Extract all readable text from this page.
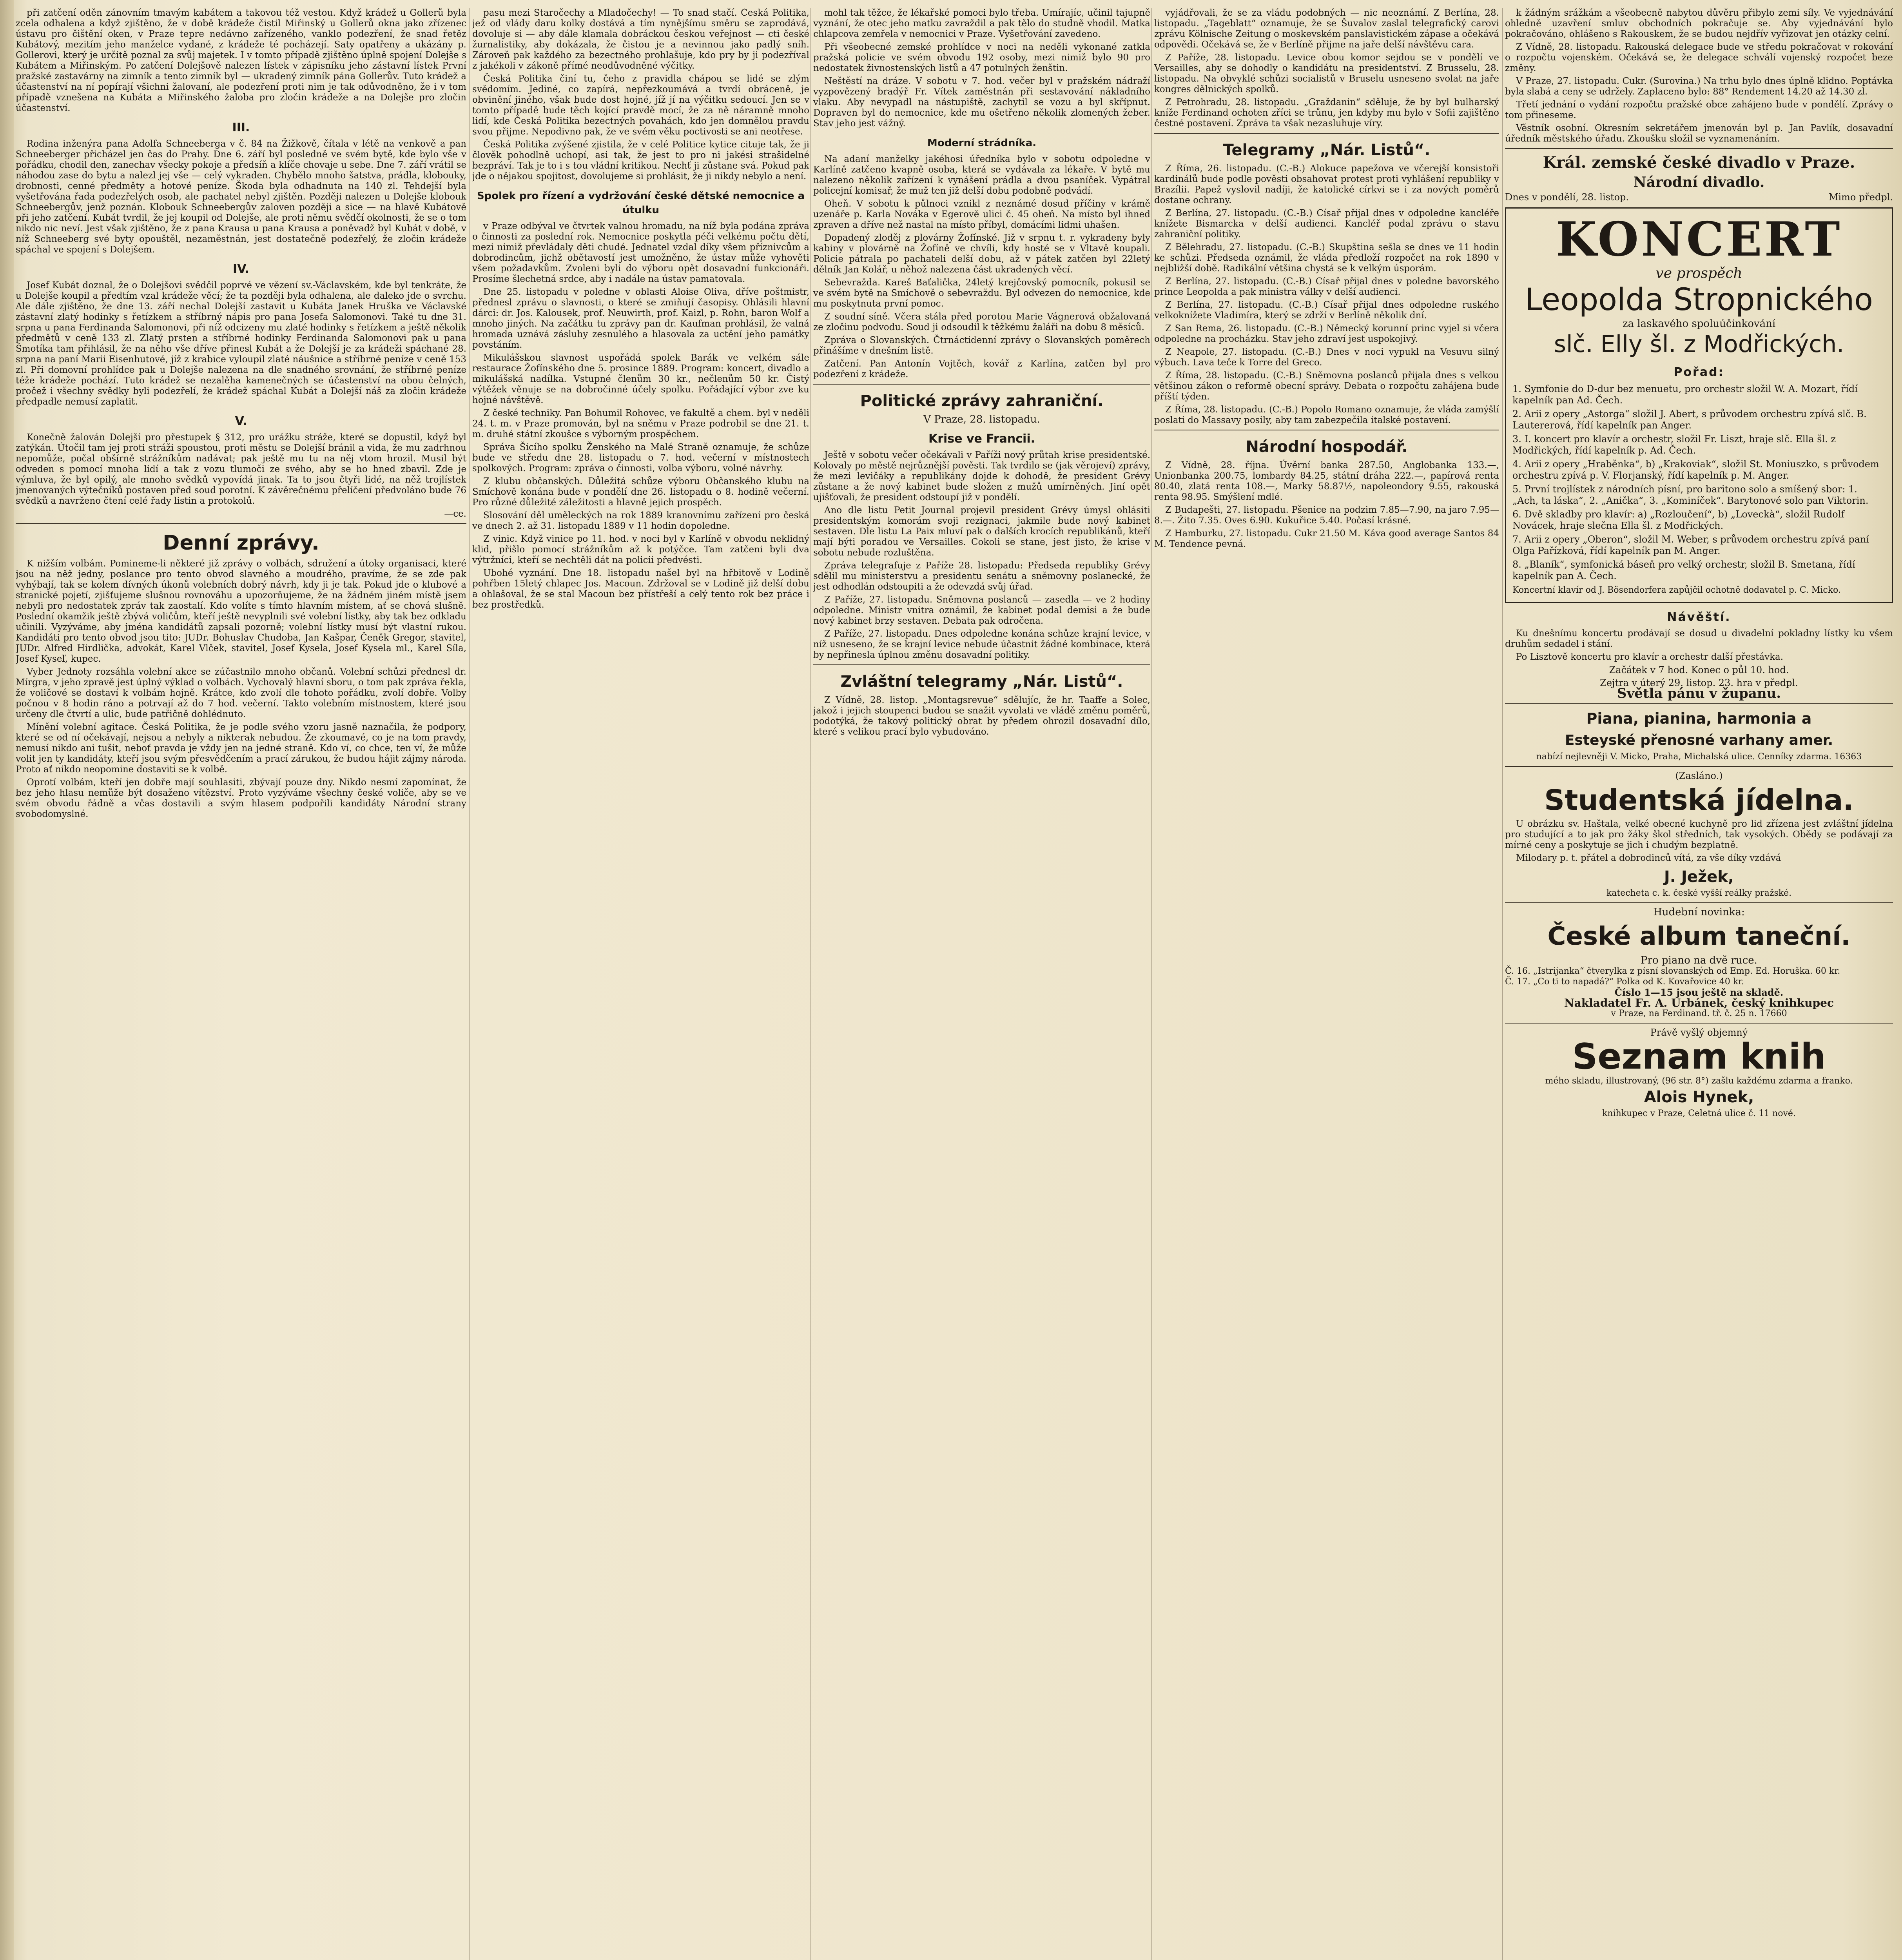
při zatčení oděn zánovním tmavým kabátem a takovou též vestou. Když krádež u Gollerů byla zcela odhalena a když zjištěno, že v době krádeže čistil Miřinský u Gollerů okna jako zřízenec ústavu pro čištění oken, v Praze tepre nedávno zařízeného, vanklo podezření, že snad řetěz Kubátový, mezitím jeho manželce vydané, z krádeže té pocházejí. Saty opatřeny a ukázány p. Gollerovi, který je určitě poznal za svůj majetek. I v tomto případě zjištěno úplně spojení Dolejše s Kubátem a Miřinským. Po zatčení Dolejšově nalezen lístek v zápisníku jeho zástavní lístek První pražské zastavárny na zimník a tento zimník byl — ukradený zimník pána Gollerův. Tuto krádež a účastenství na ní popírají všichni žalovaní, ale podezření proti nim je tak odůvodněno, že i v tom případě vznešena na Kubáta a Miřinského žaloba pro zločin krádeže a na Dolejše pro zločin účastenství.

III.

Rodina inženýra pana Adolfa Schneeberga v č. 84 na Žižkově, čítala v létě na venkově a pan Schneeberger přicházel jen čas do Prahy. Dne 6. září byl posledně ve svém bytě, kde bylo vše v pořádku, chodil den, zanechav všecky pokoje a předsíň a klíče chovaje u sebe. Dne 7. září vrátil se náhodou zase do bytu a nalezl jej vše — celý vykraden. Chybělo mnoho šatstva, prádla, klobouky, drobnosti, cenné předměty a hotové peníze. Škoda byla odhadnuta na 140 zl. Tehdejší byla vyšetřována řada podezřelých osob, ale pachatel nebyl zjištěn. Později nalezen u Dolejše klobouk Schneebergův, jenž poznán. Klobouk Schneebergův zaloven později a sice — na hlavě Kubátově při jeho zatčení. Kubát tvrdil, že jej koupil od Dolejše, ale proti němu svědčí okolnosti, že se o tom nikdo nic neví. Jest však zjištěno, že z pana Krausa u pana Krausa a poněvadž byl Kubát v době, v níž Schneeberg své byty opouštěl, nezaměstnán, jest dostatečně podezřelý, že zločin krádeže spáchal ve spojení s Dolejšem.

IV.

Josef Kubát doznal, že o Dolejšovi svědčil poprvé ve vězení sv.-Václavském, kde byl tenkráte, že u Dolejše koupil a předtím vzal krádeže věcí; že ta později byla odhalena, ale daleko jde o svrchu. Ale dále zjištěno, že dne 13. září nechal Dolejší zastavit u Kubáta Janek Hruška ve Václavské zástavní zlatý hodinky s řetízkem a stříbrný nápis pro pana Josefa Salomonovi. Také tu dne 31. srpna u pana Ferdinanda Salomonovi, při níž odcizeny mu zlaté hodinky s řetízkem a ještě několik předmětů v ceně 133 zl. Zlatý prsten a stříbrné hodinky Ferdinanda Salomonovi pak u pana Šmotíka tam přihlásil, že na něho vše dříve přinesl Kubát a že Dolejší je za krádeži spáchané 28. srpna na paní Marii Eisenhutové, jíž z krabice vyloupil zlaté náušnice a stříbrné peníze v ceně 153 zl. Při domovní prohlídce pak u Dolejše nalezena na dle snadného srovnání, že stříbrné peníze téže krádeže pochází. Tuto krádež se nezalěha kamenečných se účastenství na obou čelných, pročež i všechny svědky byli podezřelí, že krádež spáchal Kubát a Dolejší náš za zločin krádeže předpadle nemusí zaplatit.

V.

Konečně žalován Dolejší pro přestupek § 312, pro urážku stráže, které se dopustil, když byl zatýkán. Útočil tam jej proti stráži spoustou, proti městu se Dolejší bránil a vida, že mu zadrhnou nepomůže, počal obšírně strážníkům nadávat; pak ještě mu tu na něj vtom hrozil. Musil být odveden s pomocí mnoha lidí a tak z vozu tlumoči ze svého, aby se ho hned zbavil. Zde je výmluva, že byl opilý, ale mnoho svědků vypovídá jinak. Ta to jsou čtyři lidé, na něž trojlístek jmenovaných výtečníků postaven před soud porotní. K závěrečnému přelíčení předvoláno bude 76 svědků a navrženo čtení celé řady listin a protokolů.

—ce.
Denní zprávy.

K nižším volbám. Pomineme-li některé již zprávy o volbách, sdružení a útoky organisaci, které jsou na něž jedny, poslance pro tento obvod slavného a moudrého, pravíme, že se zde pak vyhýbají, tak se kolem dívných úkonů volebních dobrý návrh, kdy ji je tak. Pokud jde o klubové a stranické pojetí, zjišťujeme slušnou rovnováhu a upozorňujeme, že na žádném jiném místě jsem nebyli pro nedostatek zpráv tak zaostalí. Kdo volíte s tímto hlavním místem, ať se chová slušně. Poslední okamžik ještě zbývá voličům, kteří ještě nevyplnili své volební lístky, aby tak bez odkladu učinili. Vyzýváme, aby jména kandidátů zapsali pozorně; volební lístky musí být vlastní rukou. Kandidáti pro tento obvod jsou tito: JUDr. Bohuslav Chudoba, Jan Kašpar, Čeněk Gregor, stavitel, JUDr. Alfred Hirdlička, advokát, Karel Vlček, stavitel, Josef Kysela, Josef Kysela ml., Karel Síla, Josef Kyseľ, kupec.

Vyber Jednoty rozsáhla volební akce se zúčastnilo mnoho občanů. Volební schůzi přednesl dr. Mírgra, v jeho zpravě jest úplný výklad o volbách. Vychovalý hlavní sboru, o tom pak zpráva řekla, že voličové se dostaví k volbám hojně. Krátce, kdo zvolí dle tohoto pořádku, zvolí dobře. Volby počnou v 8 hodin ráno a potrvají až do 7 hod. večerní. Takto volebním místnostem, které jsou určeny dle čtvrtí a ulic, bude patřičně dohlédnuto.

Mínění volební agitace. Česká Politika, že je podle svého vzoru jasně naznačila, že podpory, které se od ní očekávají, nejsou a nebyly a nikterak nebudou. Že zkoumavé, co je na tom pravdy, nemusí nikdo ani tušit, neboť pravda je vždy jen na jedné straně. Kdo ví, co chce, ten ví, že může volit jen ty kandidáty, kteří jsou svým přesvědčením a prací zárukou, že budou hájit zájmy národa. Proto ať nikdo neopomine dostaviti se k volbě.

Oprotí volbám, kteří jen dobře mají souhlasiti, zbývají pouze dny. Nikdo nesmí zapomínat, že bez jeho hlasu nemůže být dosaženo vítězství. Proto vyzýváme všechny české voliče, aby se ve svém obvodu řádně a včas dostavili a svým hlasem podpořili kandidáty Národní strany svobodomyslné.

pasu mezi Staročechy a Mladočechy! — To snad stačí. Česká Politika, jež od vlády daru kolky dostává a tím nynějšímu směru se zaprodává, dovoluje si — aby dále klamala dobráckou českou veřejnost — cti české žurnalistiky, aby dokázala, že čistou je a nevinnou jako padlý sníh. Zároveň pak každého za bezectného prohlašuje, kdo pry by ji podezříval z jakékoli v zákoně přímé neodůvodněné výčitky.

Česká Politika činí tu, čeho z pravidla chápou se lidé se zlým svědomím. Jediné, co zapírá, nepřezkoumává a tvrdí obráceně, je obvinění jiného, však bude dost hojné, jíž jí na výčitku sedoucí. Jen se v tomto případě bude těch kojící pravdě mocí, že za ně náramně mnoho lidí, kde Česká Politika bezectných povahách, kdo jen domnělou pravdu svou přijme. Nepodivno pak, že ve svém věku poctivosti se ani neotřese.

Česká Politika zvýšené zjistila, že v celé Politice kytice cituje tak, že ji člověk pohodlně uchopí, asi tak, že jest to pro ni jakési strašidelné bezpráví. Tak je to i s tou vládní kritikou. Nechť ji zůstane svá. Pokud pak jde o nějakou spojitost, dovolujeme si prohlásit, že ji nikdy nebylo a není.

Spolek pro řízení a vydržování české dětské nemocnice a útulku

v Praze odbýval ve čtvrtek valnou hromadu, na níž byla podána zpráva o činnosti za poslední rok. Nemocnice poskytla péči velkému počtu dětí, mezi nimiž převládaly děti chudé. Jednatel vzdal díky všem příznivcům a dobrodincům, jichž obětavostí jest umožněno, že ústav může vyhověti všem požadavkům. Zvoleni byli do výboru opět dosavadní funkcionáři. Prosíme šlechetná srdce, aby i nadále na ústav pamatovala.

Dne 25. listopadu v poledne v oblasti Aloise Oliva, dříve poštmistr, přednesl zprávu o slavnosti, o které se zmiňují časopisy. Ohlásili hlavní dárci: dr. Jos. Kalousek, prof. Neuwirth, prof. Kaizl, p. Rohn, baron Wolf a mnoho jiných. Na začátku tu zprávy pan dr. Kaufman prohlásil, že valná hromada uznává zásluhy zesnulého a hlasovala za uctění jeho památky povstáním.

Mikulášskou slavnost uspořádá spolek Barák ve velkém sále restaurace Žofínského dne 5. prosince 1889. Program: koncert, divadlo a mikulášská nadílka. Vstupné členům 30 kr., nečlenům 50 kr. Čistý výtěžek věnuje se na dobročinné účely spolku. Pořádající výbor zve ku hojné návštěvě.

Z české techniky. Pan Bohumil Rohovec, ve fakultě a chem. byl v neděli 24. t. m. v Praze promován, byl na sněmu v Praze podrobil se dne 21. t. m. druhé státní zkoušce s výborným prospěchem.

Správa Šicího spolku Ženského na Malé Straně oznamuje, že schůze bude ve středu dne 28. listopadu o 7. hod. večerní v místnostech spolkových. Program: zpráva o činnosti, volba výboru, volné návrhy.

Z klubu občanských. Důležitá schůze výboru Občanského klubu na Smíchově konána bude v pondělí dne 26. listopadu o 8. hodině večerní. Pro různé důležité záležitosti a hlavně jejich prospěch.

Slosování děl uměleckých na rok 1889 kranovnímu zařízení pro česká ve dnech 2. až 31. listopadu 1889 v 11 hodin dopoledne.

Z vinic. Když vinice po 11. hod. v noci byl v Karlíně v obvodu neklidný klid, přišlo pomocí strážníkům až k potýčce. Tam zatčeni byli dva výtržníci, kteří se nechtěli dát na policii předvésti.

Ubohé vyznání. Dne 18. listopadu našel byl na hřbitově v Lodině pohřben 15letý chlapec Jos. Macoun. Zdržoval se v Lodině již delší dobu a ohlašoval, že se stal Macoun bez přístřeší a celý tento rok bez práce i bez prostředků.

mohl tak těžce, že lékařské pomoci bylo třeba. Umírajíc, učinil tajupně vyznání, že otec jeho matku zavraždil a pak tělo do studně vhodil. Matka chlapcova zemřela v nemocnici v Praze. Vyšetřování zavedeno.

Při všeobecné zemské prohlídce v noci na neděli vykonané zatkla pražská policie ve svém obvodu 192 osoby, mezi nimiž bylo 90 pro nedostatek živnostenských listů a 47 potulných ženštin.

Neštěstí na dráze. V sobotu v 7. hod. večer byl v pražském nádraží vyzpovězený bradýř Fr. Vítek zaměstnán při sestavování nákladního vlaku. Aby nevypadl na nástupiště, zachytil se vozu a byl skřípnut. Dopraven byl do nemocnice, kde mu ošetřeno několik zlomených žeber. Stav jeho jest vážný.

Moderní strádníka.

Na adaní manželky jakéhosi úředníka bylo v sobotu odpoledne v Karlíně zatčeno kvapně osoba, která se vydávala za lékaře. V bytě mu nalezeno několik zařízení k vynášení prádla a dvou psaníček. Vypátral policejní komisař, že muž ten již delší dobu podobně podvádí.

Oheň. V sobotu k půlnoci vznikl z neznámé dosud příčiny v krámě uzenáře p. Karla Nováka v Egerově ulici č. 45 oheň. Na místo byl ihned zpraven a dříve než nastal na místo příbyl, domácími lidmi uhašen.

Dopadený zloděj z plovárny Žofínské. Již v srpnu t. r. vykradeny byly kabiny v plovárně na Žofíně ve chvíli, kdy hosté se v Vltavě koupali. Policie pátrala po pachateli delší dobu, až v pátek zatčen byl 22letý dělník Jan Kolář, u něhož nalezena část ukradených věcí.

Sebevražda. Kareš Baťalička, 24letý krejčovský pomocník, pokusil se ve svém bytě na Smíchově o sebevraždu. Byl odvezen do nemocnice, kde mu poskytnuta první pomoc.

Z soudní síně. Včera stála před porotou Marie Vágnerová obžalovaná ze zločinu podvodu. Soud ji odsoudil k těžkému žaláři na dobu 8 měsíců.

Zpráva o Slovanských. Čtrnáctidenní zprávy o Slovanských poměrech přinášíme v dnešním listě.

Zatčení. Pan Antonín Vojtěch, kovář z Karlína, zatčen byl pro podezření z krádeže.

Politické zprávy zahraniční.
V Praze, 28. listopadu.
Krise ve Francii.

Ještě v sobotu večer očekávali v Paříži nový průtah krise presidentské. Kolovaly po městě nejrůznější pověsti. Tak tvrdilo se (jak věrojeví) zprávy, že mezi levičáky a republikány dojde k dohodě, že president Grévy zůstane a že nový kabinet bude složen z mužů umírněných. Jiní opět ujišťovali, že president odstoupí již v pondělí.

Ano dle listu Petit Journal projevil president Grévy úmysl ohlásiti presidentským komorám svoji rezignaci, jakmile bude nový kabinet sestaven. Dle listu La Paix mluví pak o dalších krocích republikánů, kteří mají býti poradou ve Versailles. Cokoli se stane, jest jisto, že krise v sobotu nebude rozluštěna.

Zpráva telegrafuje z Paříže 28. listopadu: Předseda republiky Grévy sdělil mu ministerstvu a presidentu senátu a sněmovny poslanecké, že jest odhodlán odstoupiti a že odevzdá svůj úřad.

Z Paříže, 27. listopadu. Sněmovna poslanců — zasedla — ve 2 hodiny odpoledne. Ministr vnitra oznámil, že kabinet podal demisi a že bude nový kabinet brzy sestaven. Debata pak odročena.

Z Paříže, 27. listopadu. Dnes odpoledne konána schůze krajní levice, v níž usneseno, že se krajní levice nebude účastnit žádné kombinace, která by nepřinesla úplnou změnu dosavadní politiky.

Zvláštní telegramy „Nár. Listů“.

Z Vídně, 28. listop. „Montagsrevue“ sdělujíc, že hr. Taaffe a Solec, jakož i jejich stoupenci budou se snažit vyvolati ve vládě změnu poměrů, podotýká, že takový politický obrat by předem ohrozil dosavadní dílo, které s velikou prací bylo vybudováno.

vyjádřovali, že se za vládu podobných — nic neoznámí. Z Berlína, 28. listopadu. „Tageblatt“ oznamuje, že se Šuvalov zaslal telegrafický carovi zprávu Kölnische Zeitung o moskevském panslavistickém zápase a očekává odpovědi. Očekává se, že v Berlíně přijme na jaře delší návštěvu cara.

Z Paříže, 28. listopadu. Levice obou komor sejdou se v pondělí ve Versailles, aby se dohodly o kandidátu na presidentství. Z Brusselu, 28. listopadu. Na obvyklé schůzi socialistů v Bruselu usneseno svolat na jaře kongres dělnických spolků.

Z Petrohradu, 28. listopadu. „Graždanin“ sděluje, že by byl bulharský kníže Ferdinand ochoten zříci se trůnu, jen kdyby mu bylo v Sofii zajištěno čestné postavení. Zpráva ta však nezasluhuje víry.

Telegramy „Nár. Listů“.

Z Říma, 26. listopadu. (C.-B.) Alokuce papežova ve včerejší konsistoři kardinálů bude podle pověsti obsahovat protest proti vyhlášení republiky v Brazílii. Papež vyslovil nadíji, že katolické církvi se i za nových poměrů dostane ochrany.

Z Berlína, 27. listopadu. (C.-B.) Císař přijal dnes v odpoledne kancléře knížete Bismarcka v delší audienci. Kancléř podal zprávu o stavu zahraniční politiky.

Z Bělehradu, 27. listopadu. (C.-B.) Skupština sešla se dnes ve 11 hodin ke schůzi. Předseda oznámil, že vláda předloží rozpočet na rok 1890 v nejbližší době. Radikální většina chystá se k velkým úsporám.

Z Berlína, 27. listopadu. (C.-B.) Císař přijal dnes v poledne bavorského prince Leopolda a pak ministra války v delší audienci.

Z Berlína, 27. listopadu. (C.-B.) Císař přijal dnes odpoledne ruského velkoknížete Vladimíra, který se zdrží v Berlíně několik dní.

Z San Rema, 26. listopadu. (C.-B.) Německý korunní princ vyjel si včera odpoledne na procházku. Stav jeho zdraví jest uspokojivý.

Z Neapole, 27. listopadu. (C.-B.) Dnes v noci vypukl na Vesuvu silný výbuch. Lava teče k Torre del Greco.

Z Říma, 28. listopadu. (C.-B.) Sněmovna poslanců přijala dnes s velkou většinou zákon o reformě obecní správy. Debata o rozpočtu zahájena bude příští týden.

Z Říma, 28. listopadu. (C.-B.) Popolo Romano oznamuje, že vláda zamýšlí poslati do Massavy posily, aby tam zabezpečila italské postavení.

Národní hospodář.

Z Vídně, 28. října. Úvěrní banka 287.50, Anglobanka 133.—, Unionbanka 200.75, lombardy 84.25, státní dráha 222.—, papírová renta 80.40, zlatá renta 108.—, Marky 58.87½, napoleondory 9.55, rakouská renta 98.95. Smýšlení mdlé.

Z Budapešti, 27. listopadu. Pšenice na podzim 7.85—7.90, na jaro 7.95—8.—. Žito 7.35. Oves 6.90. Kukuřice 5.40. Počasí krásné.

Z Hamburku, 27. listopadu. Cukr 21.50 M. Káva good average Santos 84 M. Tendence pevná.

k žádným srážkám a všeobecně nabytou důvěru přibylo zemi síly. Ve vyjednávání ohledně uzavření smluv obchodních pokračuje se. Aby vyjednávání bylo pokračováno, ohlášeno s Rakouskem, že se budou nejdřív vyřizovat jen otázky celní.

Z Vídně, 28. listopadu. Rakouská delegace bude ve středu pokračovat v rokování o rozpočtu vojenském. Očekává se, že delegace schválí vojenský rozpočet beze změny.

V Praze, 27. listopadu. Cukr. (Surovina.) Na trhu bylo dnes úplně klidno. Poptávka byla slabá a ceny se udržely. Zaplaceno bylo: 88° Rendement 14.20 až 14.30 zl.

Třetí jednání o vydání rozpočtu pražské obce zahájeno bude v pondělí. Zprávy o tom přineseme.

Věstník osobní. Okresním sekretářem jmenován byl p. Jan Pavlík, dosavadní úředník městského úřadu. Zkoušku složil se vyznamenáním.

Král. zemské české divadlo v Praze.
Národní divadlo.
Dnes v pondělí, 28. listop.	Mimo předpl.
KONCERT
ve prospěch
Leopolda Stropnického
za laskavého spoluúčinkování
slč. Elly šl. z Modřických.
Pořad:
1. Symfonie do D-dur bez menuetu, pro orchestr složil W. A. Mozart, řídí kapelník pan Ad. Čech.
2. Arii z opery „Astorga“ složil J. Abert, s průvodem orchestru zpívá slč. B. Lautererová, řídí kapelník pan Anger.
3. I. koncert pro klavír a orchestr, složil Fr. Liszt, hraje slč. Ella šl. z Modřických, řídí kapelník p. Ad. Čech.
4. Arii z opery „Hraběnka“, b) „Krakoviak“, složil St. Moniuszko, s průvodem orchestru zpívá p. V. Florjanský, řídí kapelník p. M. Anger.
5. První trojlístek z národních písní, pro baritono solo a smíšený sbor: 1. „Ach, ta láska“, 2. „Anička“, 3. „Kominíček“. Barytonové solo pan Viktorin.
6. Dvě skladby pro klavír: a) „Rozloučení“, b) „Loveckà“, složil Rudolf Novácek, hraje slečna Ella šl. z Modřických.
7. Arii z opery „Oberon“, složil M. Weber, s průvodem orchestru zpívá paní Olga Pařízková, řídí kapelník pan M. Anger.
8. „Blaník“, symfonická báseň pro velký orchestr, složil B. Smetana, řídí kapelník pan A. Čech.
Koncertní klavír od J. Bösendorfera zapůjčil ochotně dodavatel p. C. Micko.
Návěští.

Ku dnešnímu koncertu prodávají se dosud u divadelní pokladny lístky ku všem druhům sedadel i stání.

Po Lisztově koncertu pro klavír a orchestr další přestávka.

Začátek v 7 hod. Konec o půl 10. hod.
Zejtra v úterý 29. listop. 23. hra v předpl.
Světla pánu v županu.
Piana, pianina, harmonia a
Esteyské přenosné varhany amer.
nabízí nejlevněji V. Micko, Praha, Michalská ulice. Cenníky zdarma. 16363
(Zasláno.)
Studentská jídelna.

U obrázku sv. Haštala, velké obecné kuchyně pro lid zřízena jest zvláštní jídelna pro studující a to jak pro žáky škol středních, tak vysokých. Obědy se podávají za mírné ceny a poskytuje se jich i chudým bezplatně.

Milodary p. t. přátel a dobrodinců vítá, za vše díky vzdává

J. Ježek,
katecheta c. k. české vyšší reálky pražské.
Hudební novinka:
České album taneční.
Pro piano na dvě ruce.
Č. 16. „Istrijanka“ čtverylka z písní slovanských od Emp. Ed. Horuška. 60 kr.
Č. 17. „Co ti to napadá?“ Polka od K. Kovařovice 40 kr.
Číslo 1—15 jsou ještě na skladě.
Nakladatel Fr. A. Urbánek, český knihkupec
v Praze, na Ferdinand. tř. č. 25 n. 17660
Právě vyšlý objemný
Seznam knih
mého skladu, illustrovaný, (96 str. 8°) zašlu každému zdarma a franko.
Alois Hynek,
knihkupec v Praze, Celetná ulice č. 11 nové.
